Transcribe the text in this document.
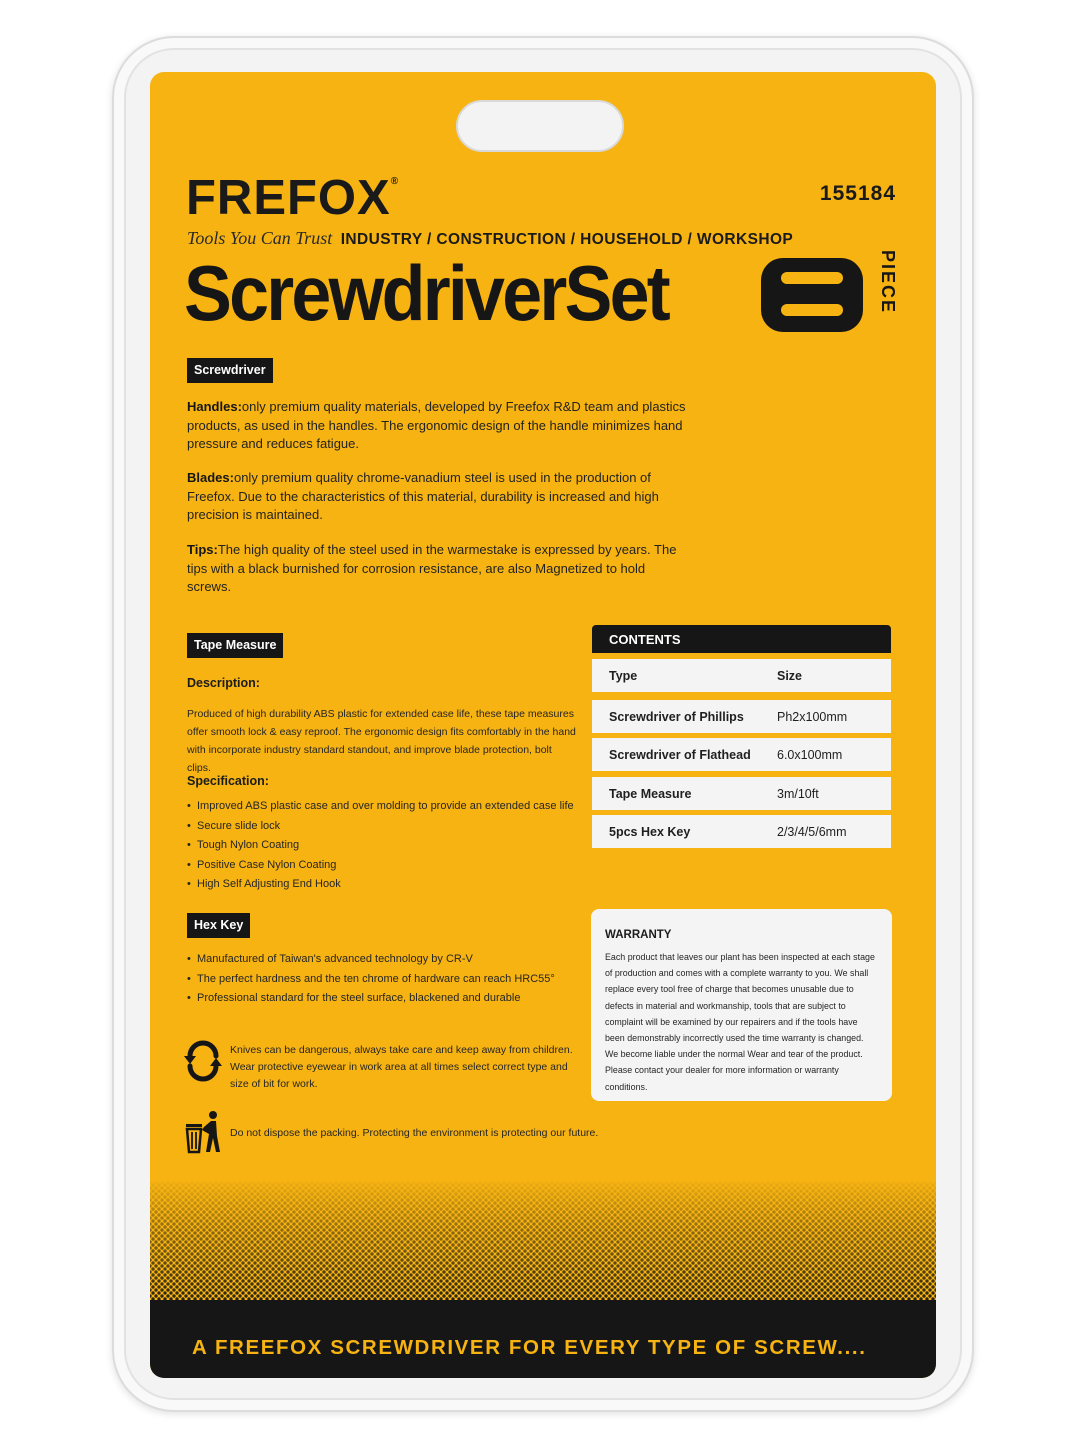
FREFOX®
155184
Tools You Can Trust INDUSTRY / CONSTRUCTION / HOUSEHOLD / WORKSHOP
ScrewdriverSet	PIECE
Screwdriver
Handles:only premium quality materials, developed by Freefox R&D team and plastics products, as used in the handles. The ergonomic design of the handle minimizes hand pressure and reduces fatigue.
Blades:only premium quality chrome-vanadium steel is used in the production of Freefox. Due to the characteristics of this material, durability is increased and high precision is maintained.
Tips:The high quality of the steel used in the warmestake is expressed by years. The tips with a black burnished for corrosion resistance, are also Magnetized to hold screws.
Tape Measure
Description:
Produced of high durability ABS plastic for extended case life, these tape measures offer smooth lock & easy reproof. The ergonomic design fits comfortably in the hand with incorporate industry standard standout, and improve blade protection, bolt clips.
Specification:
• Improved ABS plastic case and over molding to provide an extended case life
• Secure slide lock
• Tough Nylon Coating
• Positive Case Nylon Coating
• High Self Adjusting End Hook
Hex Key
• Manufactured of Taiwan's advanced technology by CR-V
• The perfect hardness and the ten chrome of hardware can reach HRC55°
• Professional standard for the steel surface, blackened and durable
CONTENTS
Type	Size
Screwdriver of Phillips	Ph2x100mm
Screwdriver of Flathead	6.0x100mm
Tape Measure	3m/10ft
5pcs Hex Key	2/3/4/5/6mm
WARRANTY

Each product that leaves our plant has been inspected at each stage of production and comes with a complete warranty to you. We shall replace every tool free of charge that becomes unusable due to defects in material and workmanship, tools that are subject to complaint will be examined by our repairers and if the tools have been demonstrably incorrectly used the time warranty is changed. We become liable under the normal Wear and tear of the product. Please contact your dealer for more information or warranty conditions.

Knives can be dangerous, always take care and keep away from children. Wear protective eyewear in work area at all times select correct type and size of bit for work.
Do not dispose the packing. Protecting the environment is protecting our future.
A FREEFOX SCREWDRIVER FOR EVERY TYPE OF SCREW....
